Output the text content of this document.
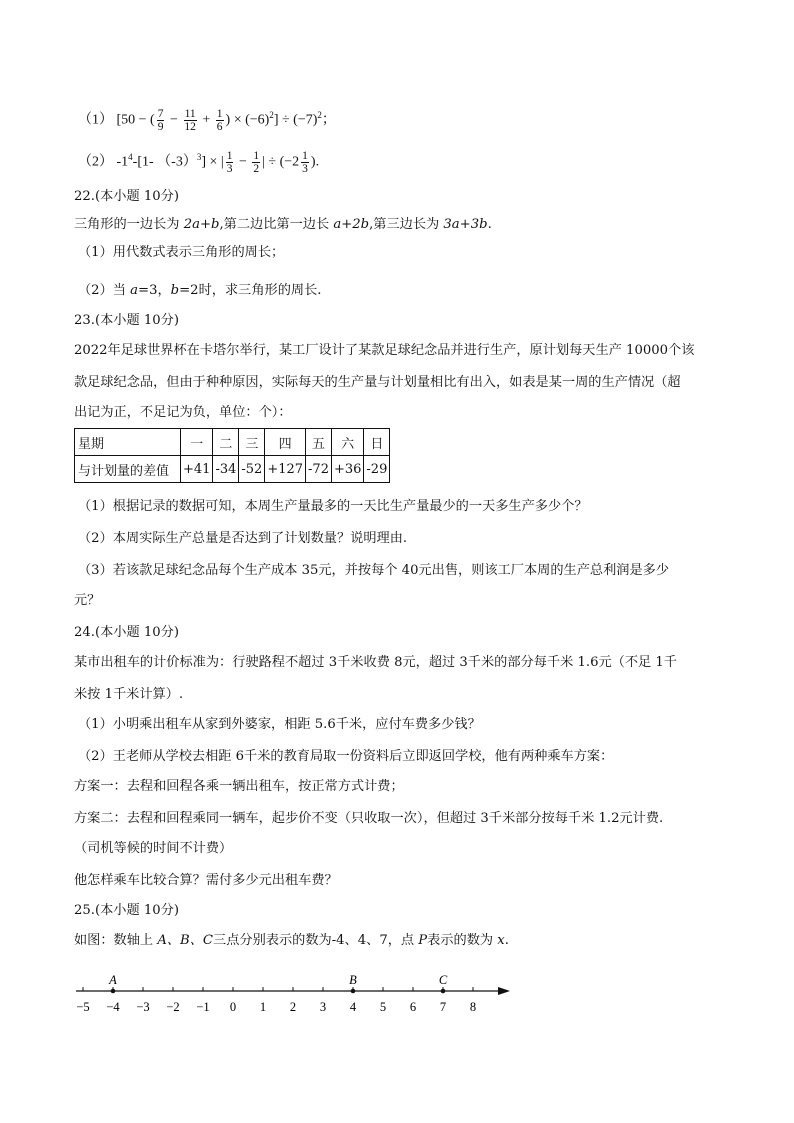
（1） [50 − ( $\frac{7}{9} - \frac{11}{12} + \frac{1}{6}$ ) × $(-6)^2] \div (-7)^2$；
（2） $-1^4-[1-$ $(-3)^3$] × | $\frac{1}{3} - \frac{1}{2}$ | ÷ ($-2 \frac{1}{3}$ ).
22.(本小题 10分)
三角形的一边长为 2a+b,第二边比第一边长 a+2b,第三边长为 3a+3b.
（1）用代数式表示三角形的周长；
（2）当 a=3，b=2时，求三角形的周长.
23.(本小题 10分)
2022年足球世界杯在卡塔尔举行，某工厂设计了某款足球纪念品并进行生产，原计划每天生产 10000个该
款足球纪念品，但由于种种原因，实际每天的生产量与计划量相比有出入，如表是某一周的生产情况（超
出记为正，不足记为负，单位：个）：
星期	一	二	三	四	五	六	日
与计划量的差值	+41	-34	-52	+127	-72	+36	-29
（1）根据记录的数据可知，本周生产量最多的一天比生产量最少的一天多生产多少个？
（2）本周实际生产总量是否达到了计划数量？说明理由.
（3）若该款足球纪念品每个生产成本 35元，并按每个 40元出售，则该工厂本周的生产总利润是多少
元？
24.(本小题 10分)
某市出租车的计价标准为：行驶路程不超过 3千米收费 8元，超过 3千米的部分每千米 1.6元（不足 1千
米按 1千米计算）.
（1）小明乘出租车从家到外婆家，相距 5.6千米，应付车费多少钱？
（2）王老师从学校去相距 6千米的教育局取一份资料后立即返回学校，他有两种乘车方案：
方案一：去程和回程各乘一辆出租车，按正常方式计费；
方案二：去程和回程乘同一辆车，起步价不变（只收取一次），但超过 3千米部分按每千米 1.2元计费.
（司机等候的时间不计费）
他怎样乘车比较合算？需付多少元出租车费？
25.(本小题 10分)
如图：数轴上 A、B、C三点分别表示的数为-4、4、7，点 P表示的数为 x.
−5 −4 −3 −2 −1 0 1 2 3 4 5 6 7 8
A	B	C
